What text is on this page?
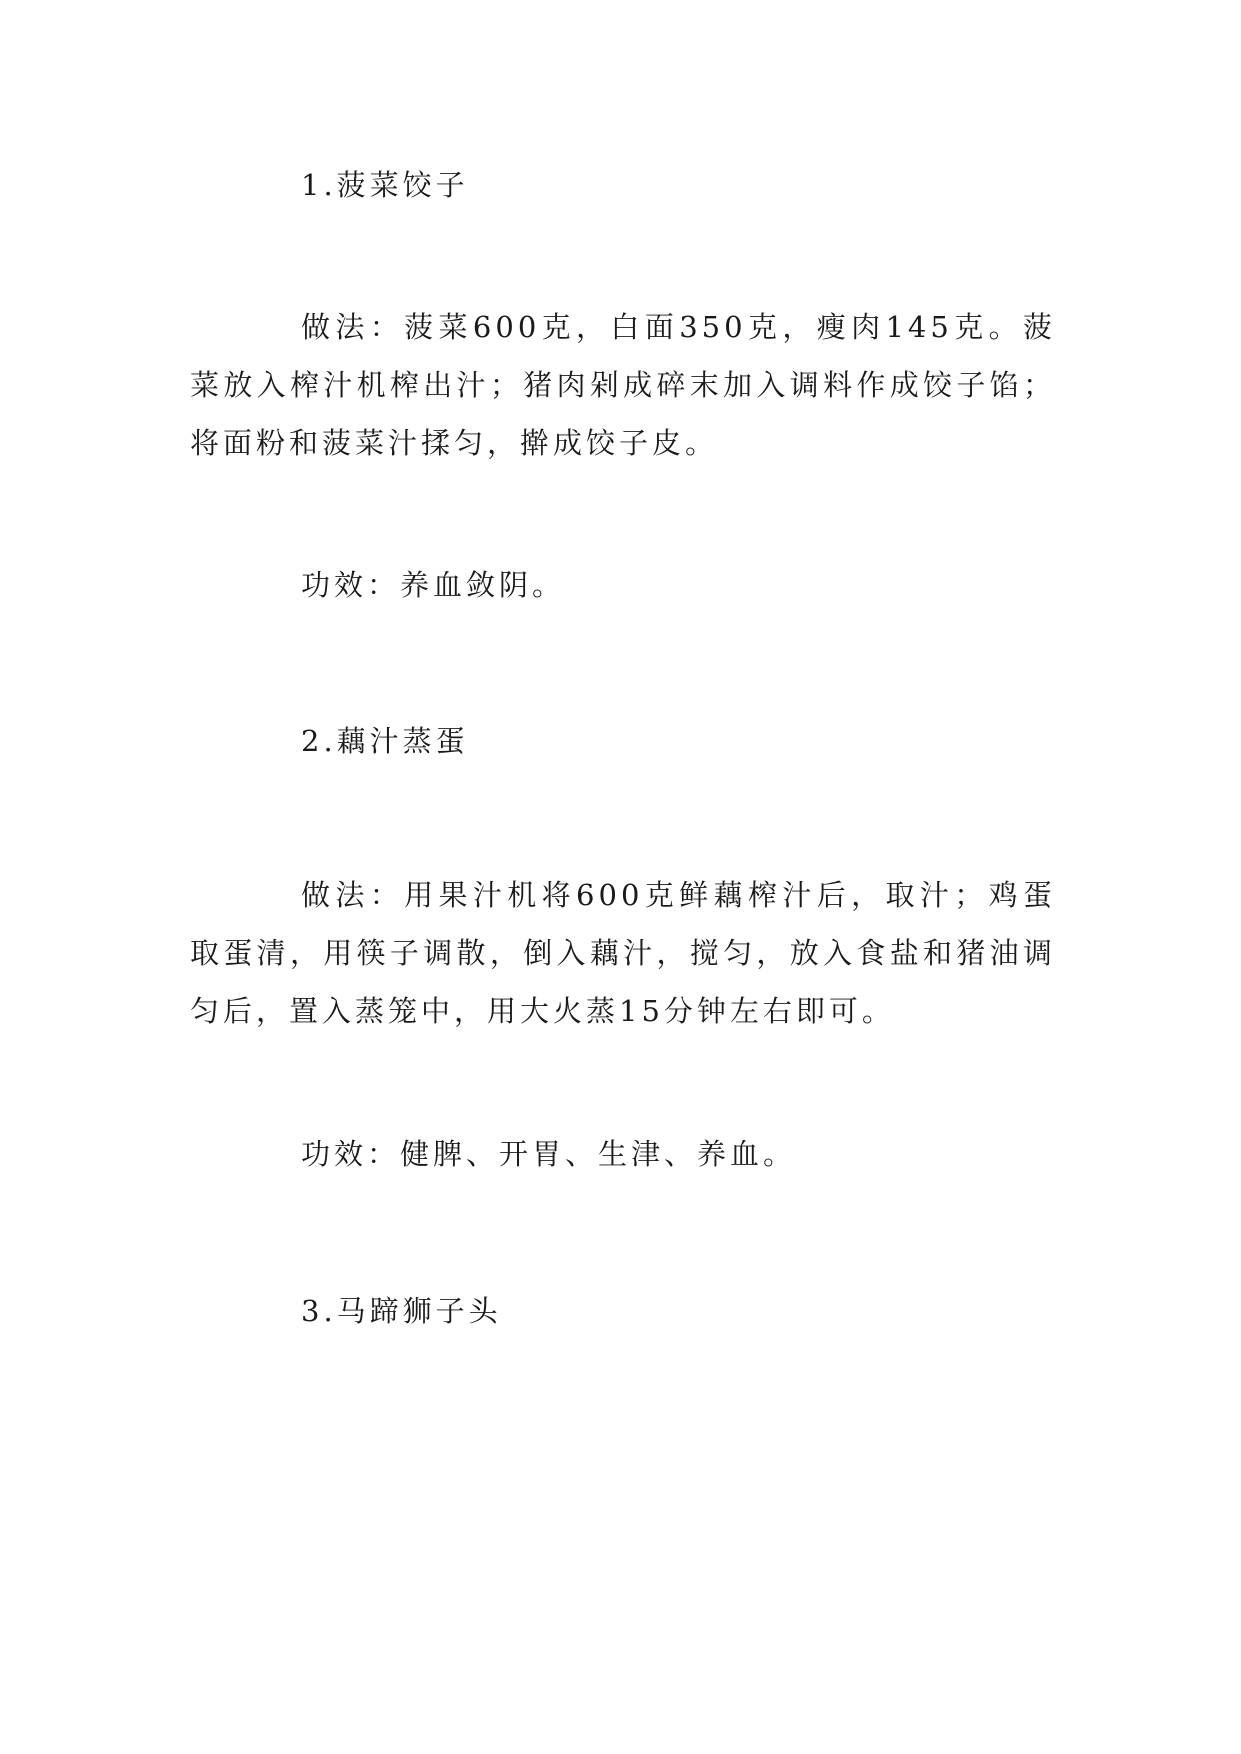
1.菠菜饺子

做法：菠菜600克，白面350克，瘦肉145克。菠菜放入榨汁机榨出汁；猪肉剁成碎末加入调料作成饺子馅；将面粉和菠菜汁揉匀，擀成饺子皮。

功效：养血敛阴。

2.藕汁蒸蛋

做法：用果汁机将600克鲜藕榨汁后，取汁；鸡蛋取蛋清，用筷子调散，倒入藕汁，搅匀，放入食盐和猪油调匀后，置入蒸笼中，用大火蒸15分钟左右即可。

功效：健脾、开胃、生津、养血。

3.马蹄狮子头
